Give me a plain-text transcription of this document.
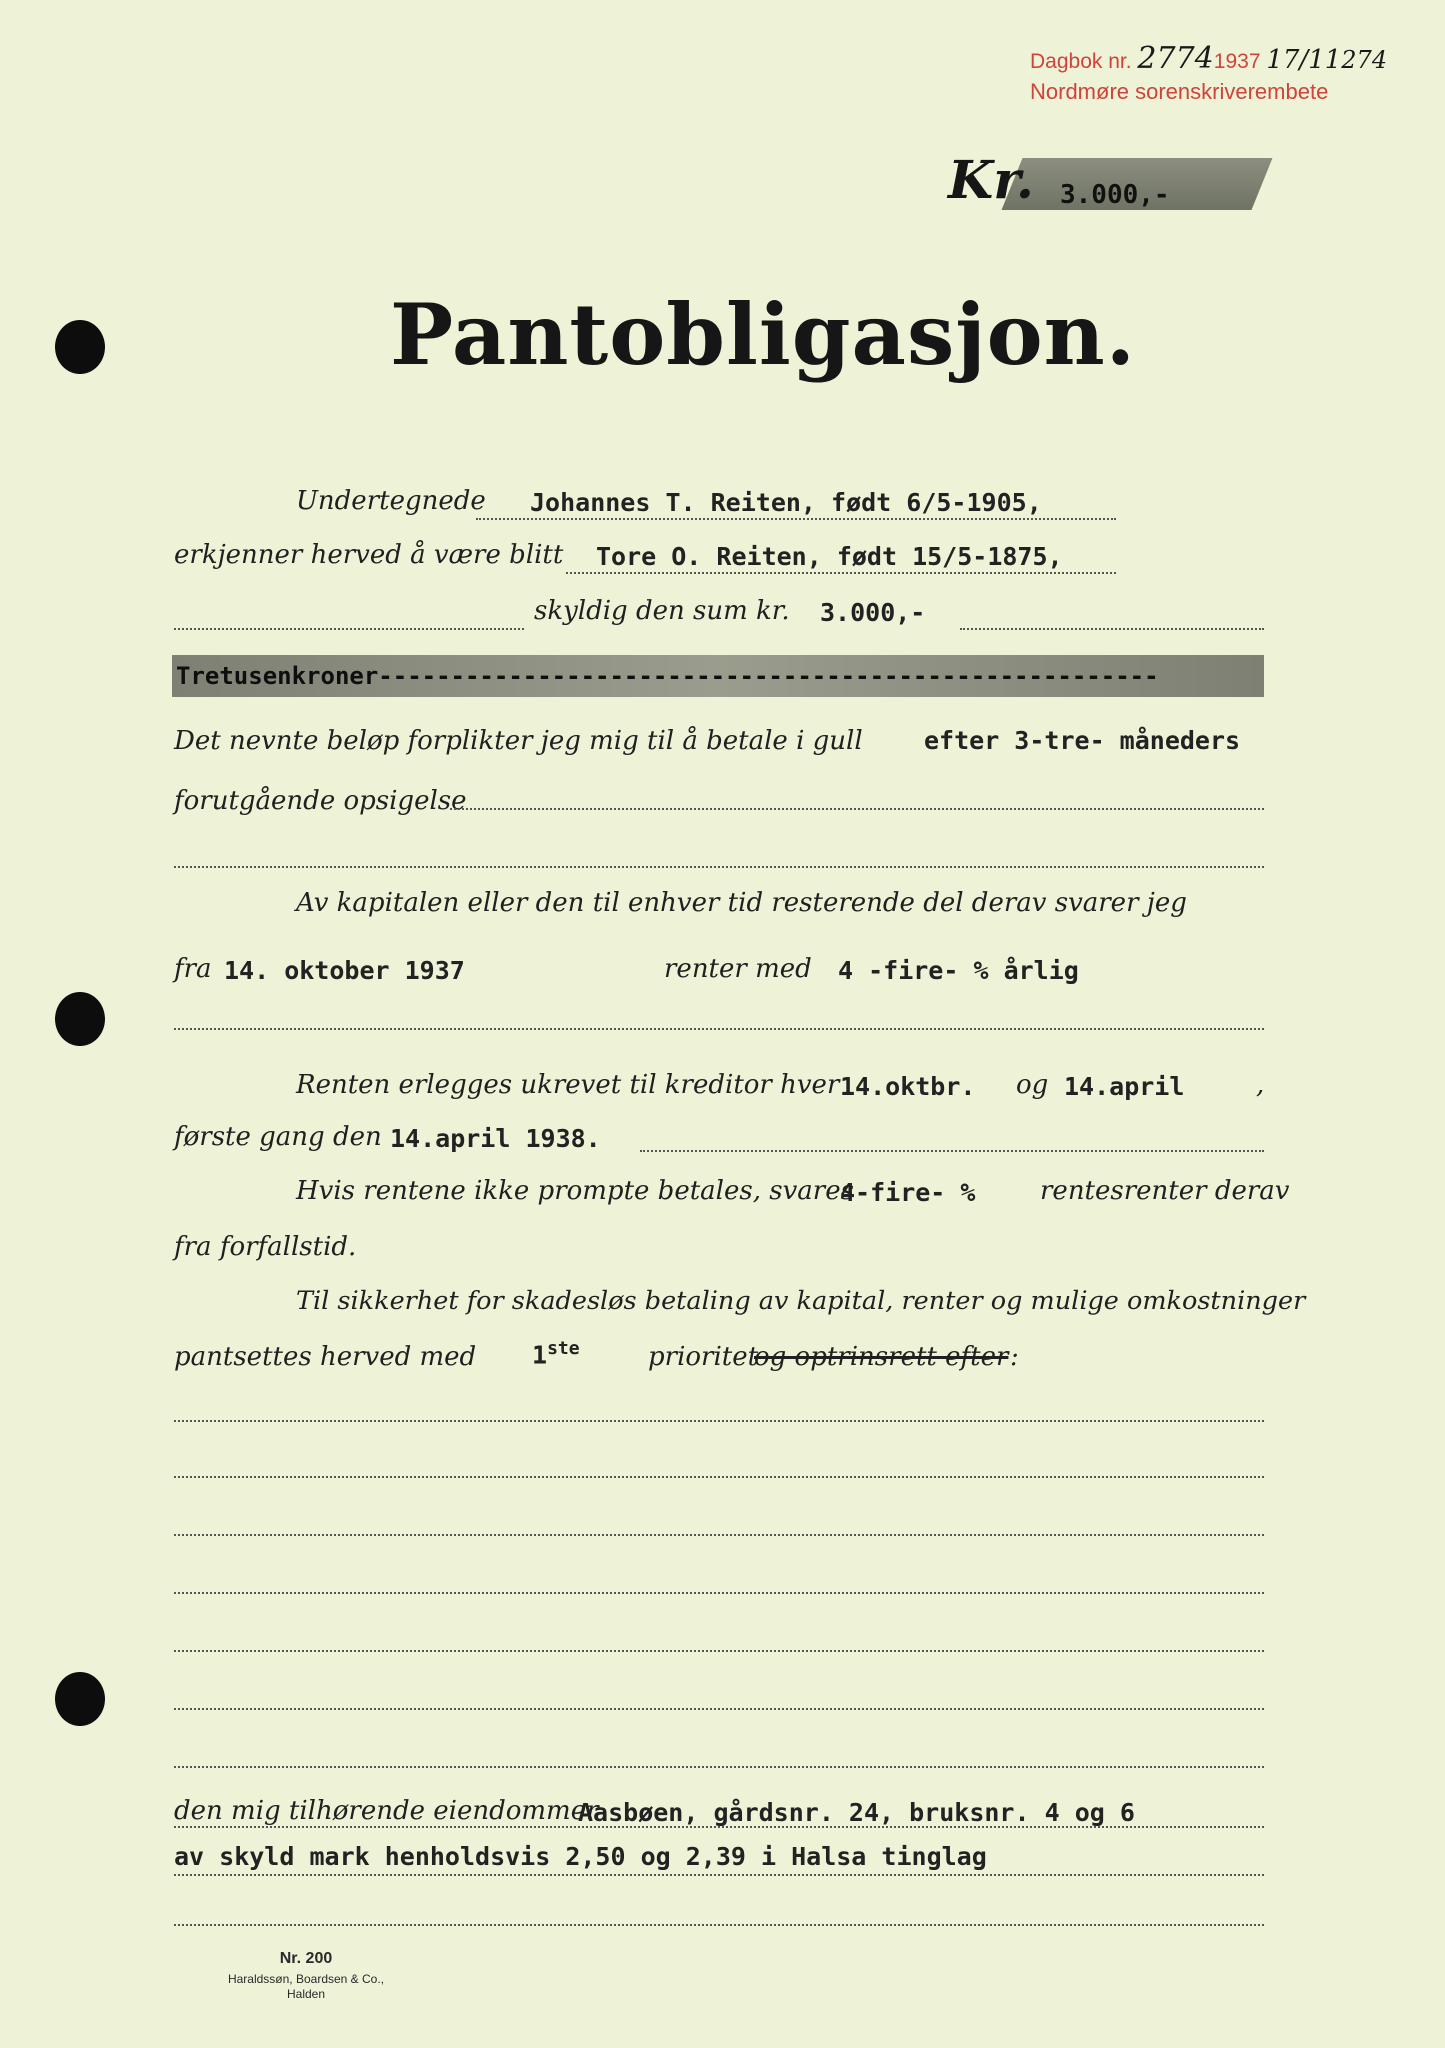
Dagbok nr. 27741937 17/11274
Nordmøre sorenskriverembete
Kr. 3.000,-
Pantobligasjon.
Undertegnede Johannes T. Reiten, født 6/5-1905,
erkjenner herved å være blitt Tore O. Reiten, født 15/5-1875,
skyldig den sum kr. 3.000,-
Tretusenkroner------------------------------------------------------
Det nevnte beløp forplikter jeg mig til å betale i gull efter 3-tre- måneders
forutgående opsigelse
Av kapitalen eller den til enhver tid resterende del derav svarer jeg
fra 14. oktober 1937	renter med 4 -fire- % årlig
Renten erlegges ukrevet til kreditor hver 14.oktbr. og 14.april	,
første gang den 14.april 1938.
Hvis rentene ikke prompte betales, svares
4-fire- % rentesrenter derav
fra forfallstid.
Til sikkerhet for skadesløs betaling av kapital, renter og mulige omkostninger
pantsettes herved med 1ste	prioritet
og optrinsrett efter :
den mig tilhørende eiendommer
Aasbøen, gårdsnr. 24, bruksnr. 4 og 6
av skyld mark henholdsvis 2,50 og 2,39 i Halsa tinglag
Nr. 200
Haraldssøn, Boardsen & Co.,
Halden
